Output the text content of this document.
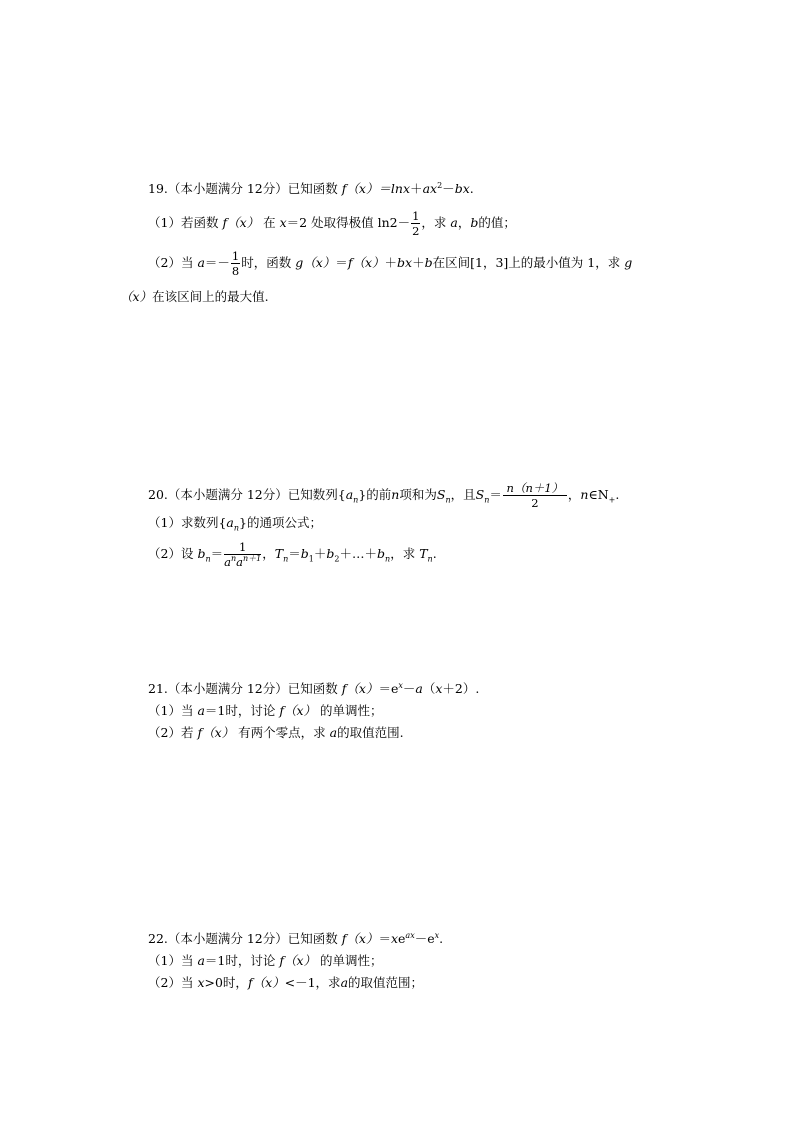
19.（本小题满分 12分）已知函数 $f(x)=\ln x+ax^2-bx$.
（1）若函数 f（x） 在 x＝2 处取得极值 $\ln 2- \frac{1}{2}$ ，求 a，b的值；
（2）当 $a=- \frac{1}{8}$ 时，函数 g（x）＝f（x）＋bx＋b在区间[1，3]上的最小值为 1，求 g
（x）在该区间上的最大值.
20.（本小题满分 12分）已知数列$\{a_n\}$的前n项和为$S_n$，且$S_n= \frac{n(n+1)}{2}$ ，$n\in N_+$.
（1）求数列$\{a_n\}$的通项公式；
（2）设 $b_n= \frac{1}{a^na^{n+1}}$ ，$T_n=b_1+b_2+\dots+b_n$，求 $T_n$.
21.（本小题满分 12分）已知函数 $f(x)=e^x-a(x+2)$.
（1）当 a＝1时，讨论 f（x） 的单调性；
（2）若 f（x） 有两个零点，求 a的取值范围.
22.（本小题满分 12分）已知函数 $f(x)=xe^{ax}-e^x$.
（1）当 a＝1时，讨论 f（x） 的单调性；
（2）当 x>0时，f（x）<－1，求a的取值范围；
